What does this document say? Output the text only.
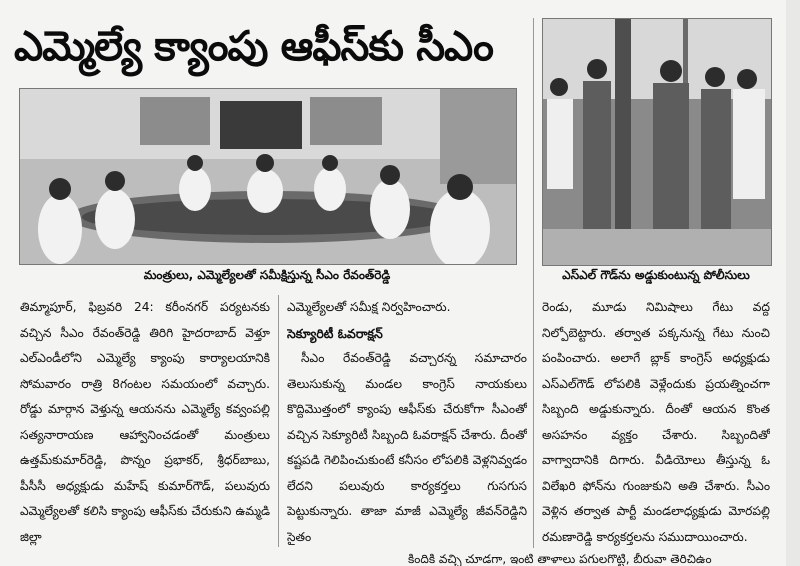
ఎమ్మెల్యే క్యాంపు ఆఫీస్‌కు సీఎం
మంత్రులు, ఎమ్మెల్యేలతో సమీక్షిస్తున్న సీఎం రేవంత్‌రెడ్డి	ఎస్‌ఎల్ గౌడ్‌ను అడ్డుకుంటున్న పోలీసులు

తిమ్మాపూర్, ఫిబ్రవరి 24: కరీంనగర్ పర్యటనకు వచ్చిన సీఎం రేవంత్‌రెడ్డి తిరిగి హైదరాబాద్ వెళ్తూ ఎల్‌ఎండీలోని ఎమ్మెల్యే క్యాంపు కార్యాలయానికి సోమవారం రాత్రి 8గంటల సమయంలో వచ్చారు. రోడ్డు మార్గాన వెళ్తున్న ఆయనను ఎమ్మెల్యే కవ్వంపల్లి సత్యనారాయణ ఆహ్వానించడంతో మంత్రులు ఉత్తమ్‌కుమార్‌రెడ్డి, పొన్నం ప్రభాకర్, శ్రీధర్‌బాబు, పీసీసీ అధ్యక్షుడు మహేష్ కుమార్‌గౌడ్, పలువురు ఎమ్మెల్యేలతో కలిసి క్యాంపు ఆఫీస్‌కు చేరుకుని ఉమ్మడి జిల్లా

ఎమ్మెల్యేలతో సమీక్ష నిర్వహించారు.

సెక్యూరిటీ ఓవరాక్షన్

సీఎం రేవంత్‌రెడ్డి వచ్చారన్న సమాచారం తెలుసుకున్న మండల కాంగ్రెస్ నాయకులు కొద్దిమొత్తంలో క్యాంపు ఆఫీస్‌కు చేరుకోగా సీఎంతో వచ్చిన సెక్యూరిటీ సిబ్బంది ఓవరాక్షన్ చేశారు. దీంతో కష్టపడి గెలిపించుకుంటే కనీసం లోపలికి వెళ్లనివ్వడం లేదని పలువురు కార్యకర్తలు గుసగుస పెట్టుకున్నారు. తాజా మాజీ ఎమ్మెల్యే జీవన్‌రెడ్డిని సైతం

రెండు, మూడు నిమిషాలు గేటు వద్ద నిల్పోబెట్టారు. తర్వాత పక్కనున్న గేటు నుంచి పంపించారు. అలాగే బ్లాక్ కాంగ్రెస్ అధ్యక్షుడు ఎస్‌ఎల్‌గౌడ్ లోపలికి వెళ్లేందుకు ప్రయత్నించగా సిబ్బంది అడ్డుకున్నారు. దీంతో ఆయన కొంత అసహనం వ్యక్తం చేశారు. సిబ్బందితో వాగ్వాదానికి దిగారు. వీడియోలు తీస్తున్న ఓ విలేఖరి ఫోన్‌ను గుంజుకుని అతి చేశారు. సీఎం వెళ్లిన తర్వాత పార్టీ మండలాధ్యక్షుడు మోరపల్లి రమణారెడ్డి కార్యకర్తలను సముదాయించారు.

కిందికి వచ్చి చూడగా, ఇంటి తాళాలు పగులగొట్టి, బీరువా తెరిచిఉం
